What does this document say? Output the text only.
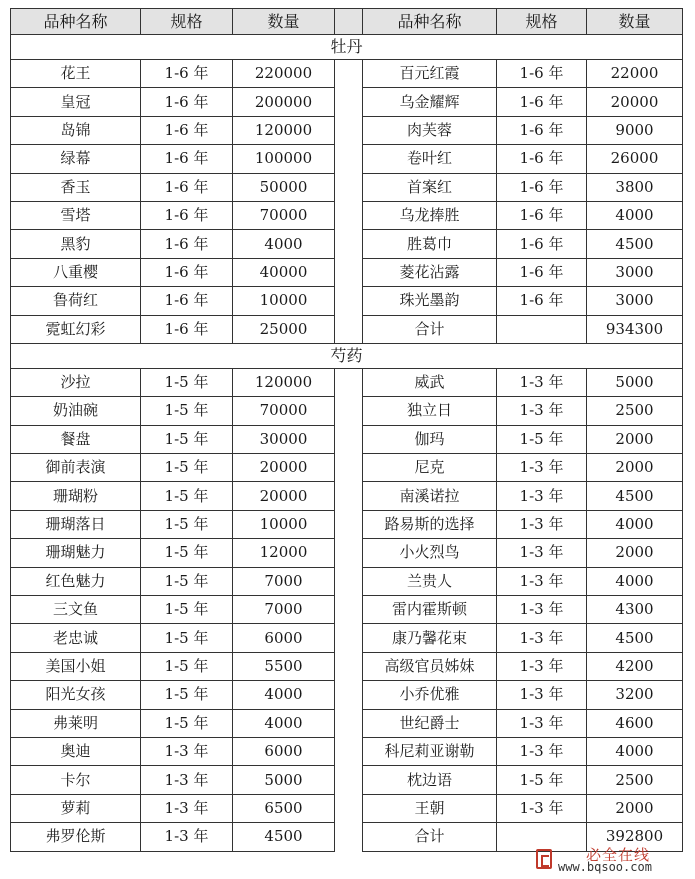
品种名称	规格	数量		品种名称	规格	数量
牡丹						
花王	1-6 年	220000		百元红霞	1-6 年	22000
皇冠	1-6 年	200000		乌金耀辉	1-6 年	20000
岛锦	1-6 年	120000		肉芙蓉	1-6 年	9000
绿幕	1-6 年	100000		卷叶红	1-6 年	26000
香玉	1-6 年	50000		首案红	1-6 年	3800
雪塔	1-6 年	70000		乌龙捧胜	1-6 年	4000
黑豹	1-6 年	4000		胜葛巾	1-6 年	4500
八重樱	1-6 年	40000		菱花沾露	1-6 年	3000
鲁荷红	1-6 年	10000		珠光墨韵	1-6 年	3000
霓虹幻彩	1-6 年	25000		合计		934300
芍药						
沙拉	1-5 年	120000		威武	1-3 年	5000
奶油碗	1-5 年	70000		独立日	1-3 年	2500
餐盘	1-5 年	30000		伽玛	1-5 年	2000
御前表演	1-5 年	20000		尼克	1-3 年	2000
珊瑚粉	1-5 年	20000		南溪诺拉	1-3 年	4500
珊瑚落日	1-5 年	10000		路易斯的选择	1-3 年	4000
珊瑚魅力	1-5 年	12000		小火烈鸟	1-3 年	2000
红色魅力	1-5 年	7000		兰贵人	1-3 年	4000
三文鱼	1-5 年	7000		雷内霍斯顿	1-3 年	4300
老忠诚	1-5 年	6000		康乃馨花束	1-3 年	4500
美国小姐	1-5 年	5500		高级官员姊妹	1-3 年	4200
阳光女孩	1-5 年	4000		小乔优雅	1-3 年	3200
弗莱明	1-5 年	4000		世纪爵士	1-3 年	4600
奥迪	1-3 年	6000		科尼莉亚谢勒	1-3 年	4000
卡尔	1-3 年	5000		枕边语	1-5 年	2500
萝莉	1-3 年	6500		王朝	1-3 年	2000
弗罗伦斯	1-3 年	4500		合计		392800
必全在线
www.bqsoo.com
